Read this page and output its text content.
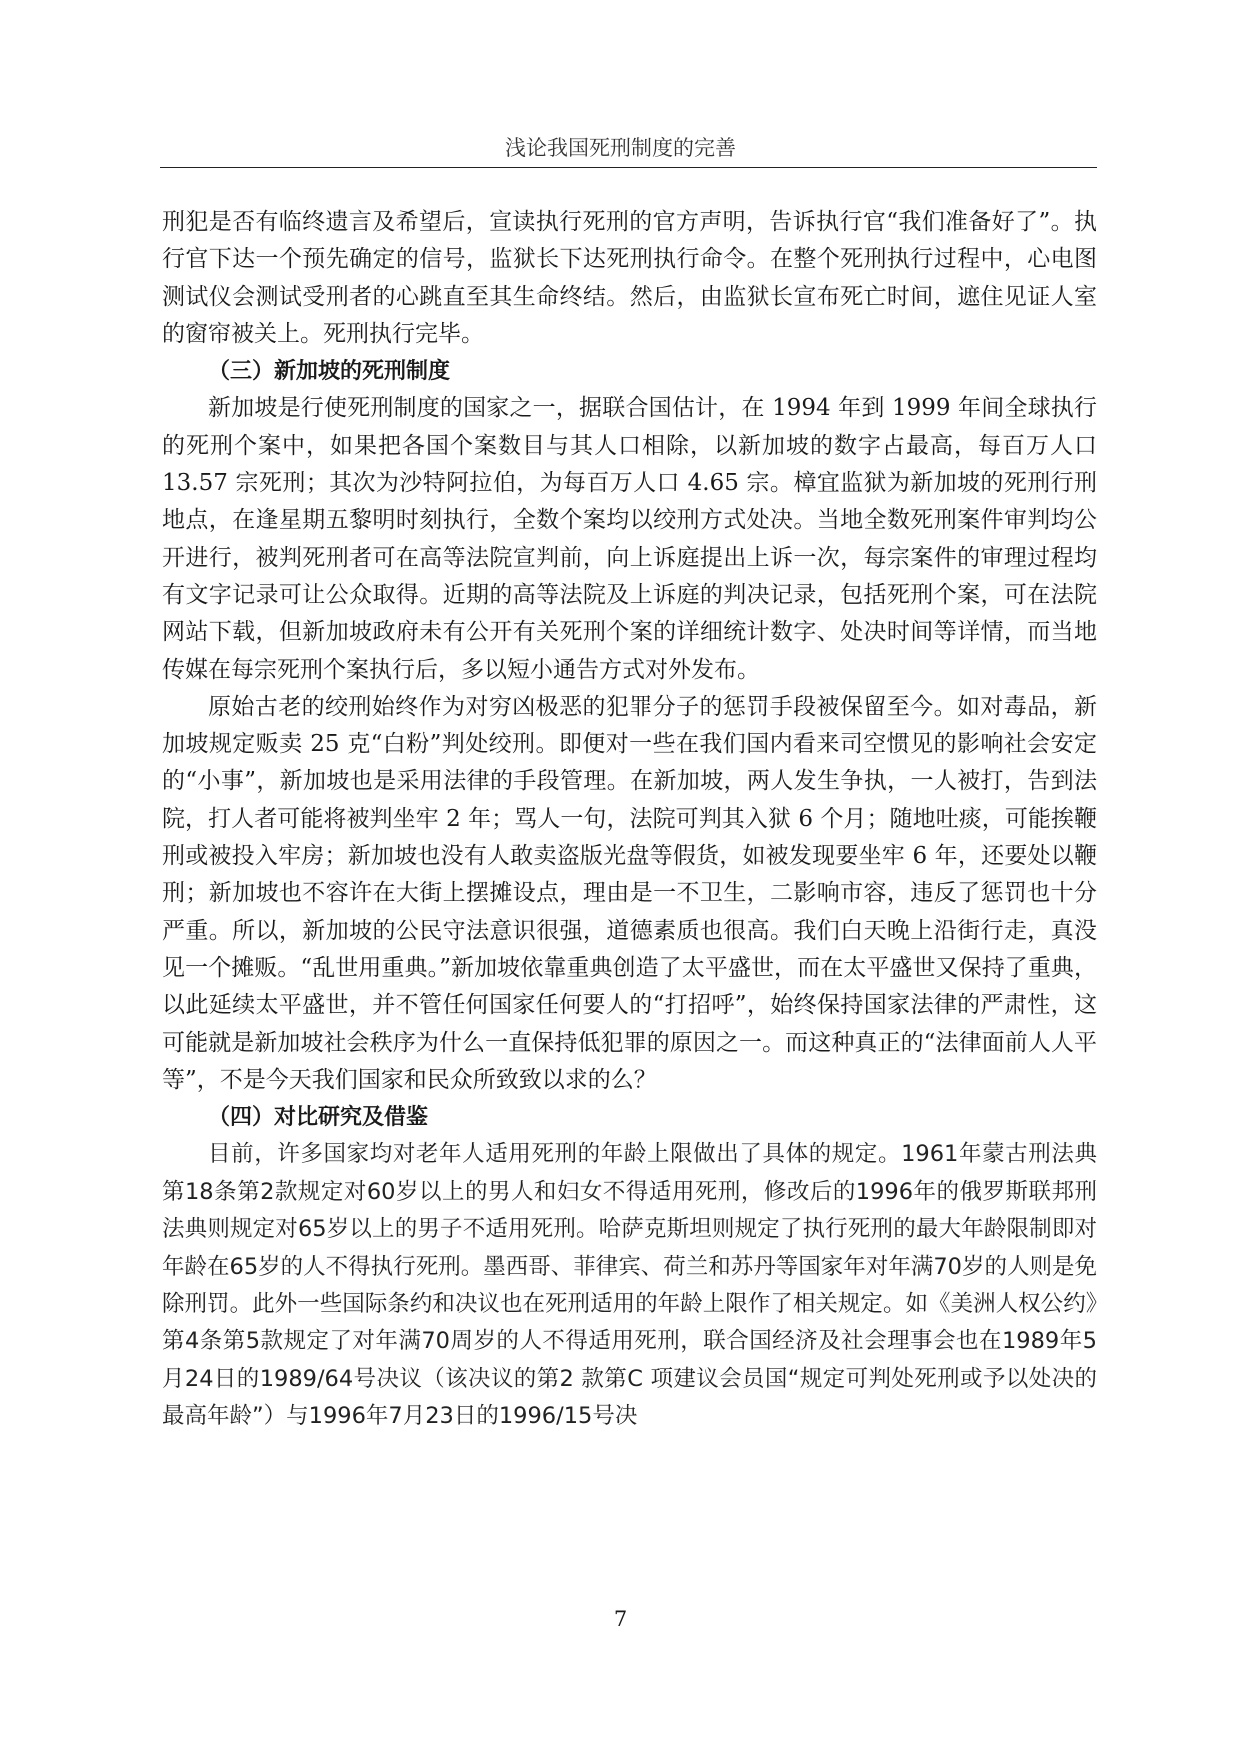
浅论我国死刑制度的完善

刑犯是否有临终遗言及希望后，宣读执行死刑的官方声明，告诉执行官“我们准备好了”。执行官下达一个预先确定的信号，监狱长下达死刑执行命令。在整个死刑执行过程中，心电图测试仪会测试受刑者的心跳直至其生命终结。然后，由监狱长宣布死亡时间，遮住见证人室的窗帘被关上。死刑执行完毕。

（三）新加坡的死刑制度

新加坡是行使死刑制度的国家之一，据联合国估计，在 1994 年到 1999 年间全球执行的死刑个案中，如果把各国个案数目与其人口相除，以新加坡的数字占最高，每百万人口 13.57 宗死刑；其次为沙特阿拉伯，为每百万人口 4.65 宗。樟宜监狱为新加坡的死刑行刑地点，在逢星期五黎明时刻执行，全数个案均以绞刑方式处决。当地全数死刑案件审判均公开进行，被判死刑者可在高等法院宣判前，向上诉庭提出上诉一次，每宗案件的审理过程均有文字记录可让公众取得。近期的高等法院及上诉庭的判决记录，包括死刑个案，可在法院网站下载，但新加坡政府未有公开有关死刑个案的详细统计数字、处决时间等详情，而当地传媒在每宗死刑个案执行后，多以短小通告方式对外发布。

原始古老的绞刑始终作为对穷凶极恶的犯罪分子的惩罚手段被保留至今。如对毒品，新加坡规定贩卖 25 克“白粉”判处绞刑。即便对一些在我们国内看来司空惯见的影响社会安定的“小事”，新加坡也是采用法律的手段管理。在新加坡，两人发生争执，一人被打，告到法院，打人者可能将被判坐牢 2 年；骂人一句，法院可判其入狱 6 个月；随地吐痰，可能挨鞭刑或被投入牢房；新加坡也没有人敢卖盗版光盘等假货，如被发现要坐牢 6 年，还要处以鞭刑；新加坡也不容许在大街上摆摊设点，理由是一不卫生，二影响市容，违反了惩罚也十分严重。所以，新加坡的公民守法意识很强，道德素质也很高。我们白天晚上沿街行走，真没见一个摊贩。“乱世用重典。”新加坡依靠重典创造了太平盛世，而在太平盛世又保持了重典，以此延续太平盛世，并不管任何国家任何要人的“打招呼”，始终保持国家法律的严肃性，这可能就是新加坡社会秩序为什么一直保持低犯罪的原因之一。而这种真正的“法律面前人人平等”，不是今天我们国家和民众所致致以求的么？

（四）对比研究及借鉴

目前，许多国家均对老年人适用死刑的年龄上限做出了具体的规定。1961年蒙古刑法典第18条第2款规定对60岁以上的男人和妇女不得适用死刑，修改后的1996年的俄罗斯联邦刑法典则规定对65岁以上的男子不适用死刑。哈萨克斯坦则规定了执行死刑的最大年龄限制即对年龄在65岁的人不得执行死刑。墨西哥、菲律宾、荷兰和苏丹等国家年对年满70岁的人则是免除刑罚。此外一些国际条约和决议也在死刑适用的年龄上限作了相关规定。如《美洲人权公约》第4条第5款规定了对年满70周岁的人不得适用死刑，联合国经济及社会理事会也在1989年5月24日的1989/64号决议（该决议的第2 款第C 项建议会员国“规定可判处死刑或予以处决的最高年龄”）与1996年7月23日的1996/15号决

7
